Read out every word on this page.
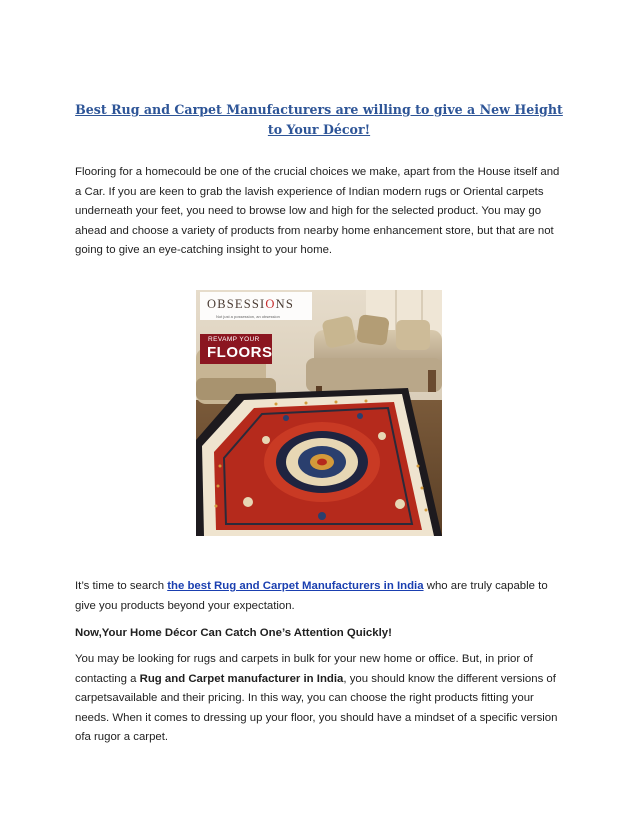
Best Rug and Carpet Manufacturers are willing to give a New Height to Your Décor!
Flooring for a homecould be one of the crucial choices we make, apart from the House itself and a Car. If you are keen to grab the lavish experience of Indian modern rugs or Oriental carpets underneath your feet, you need to browse low and high for the selected product. You may go ahead and choose a variety of products from nearby home enhancement store, but that are not going to give an eye-catching insight to your home.
OBSESSIONS
Not just a possession, an obsession
REVAMP YOUR
FLOORS
It’s time to search the best Rug and Carpet Manufacturers in India who are truly capable to give you products beyond your expectation.
Now,Your Home Décor Can Catch One’s Attention Quickly!
You may be looking for rugs and carpets in bulk for your new home or office. But, in prior of contacting a Rug and Carpet manufacturer in India, you should know the different versions of carpetsavailable and their pricing. In this way, you can choose the right products fitting your needs. When it comes to dressing up your floor, you should have a mindset of a specific version ofa rugor a carpet.
